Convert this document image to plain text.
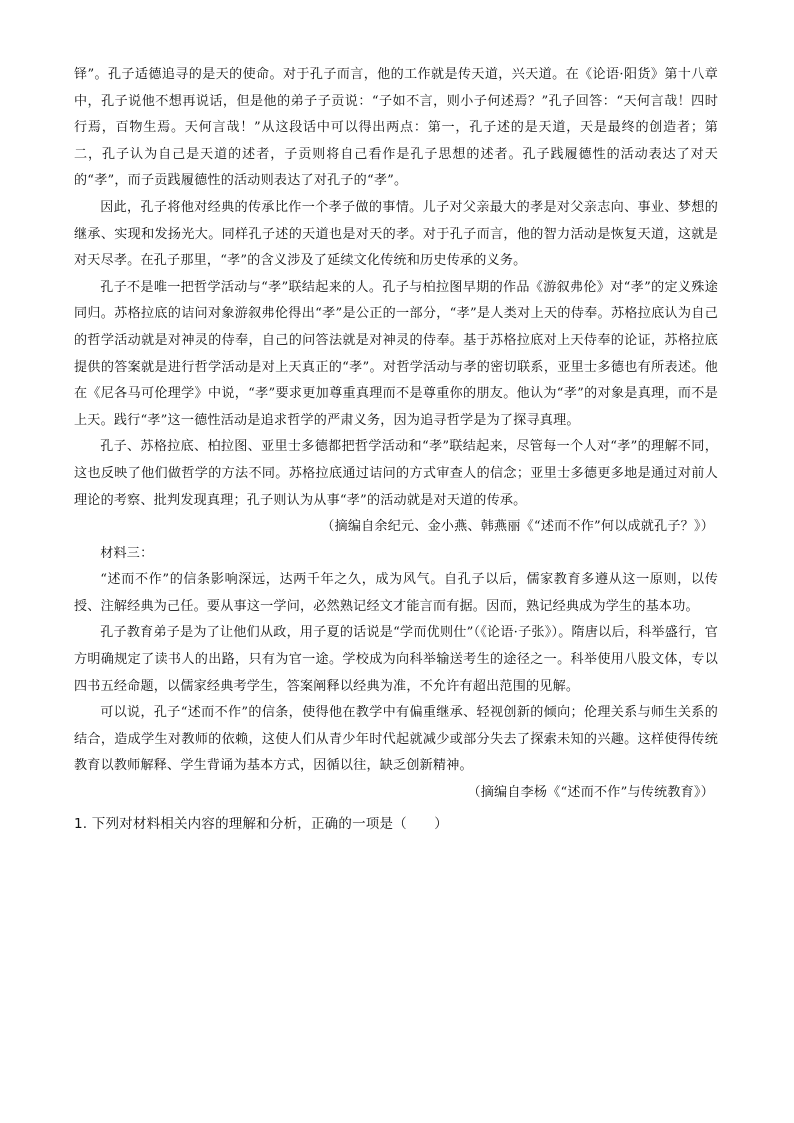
铎”。孔子适德追寻的是天的使命。对于孔子而言，他的工作就是传天道，兴天道。在《论语·阳货》第十八章中，孔子说他不想再说话，但是他的弟子子贡说：“子如不言，则小子何述焉？”孔子回答：“天何言哉！四时行焉，百物生焉。天何言哉！”从这段话中可以得出两点：第一，孔子述的是天道，天是最终的创造者；第二，孔子认为自己是天道的述者，子贡则将自己看作是孔子思想的述者。孔子践履德性的活动表达了对天的“孝”，而子贡践履德性的活动则表达了对孔子的“孝”。

因此，孔子将他对经典的传承比作一个孝子做的事情。儿子对父亲最大的孝是对父亲志向、事业、梦想的继承、实现和发扬光大。同样孔子述的天道也是对天的孝。对于孔子而言，他的智力活动是恢复天道，这就是对天尽孝。在孔子那里，“孝”的含义涉及了延续文化传统和历史传承的义务。

孔子不是唯一把哲学活动与“孝”联结起来的人。孔子与柏拉图早期的作品《游叙弗伦》对“孝”的定义殊途同归。苏格拉底的诘问对象游叙弗伦得出“孝”是公正的一部分，“孝”是人类对上天的侍奉。苏格拉底认为自己的哲学活动就是对神灵的侍奉，自己的问答法就是对神灵的侍奉。基于苏格拉底对上天侍奉的论证，苏格拉底提供的答案就是进行哲学活动是对上天真正的“孝”。对哲学活动与孝的密切联系，亚里士多德也有所表述。他在《尼各马可伦理学》中说，“孝”要求更加尊重真理而不是尊重你的朋友。他认为“孝”的对象是真理，而不是上天。践行“孝”这一德性活动是追求哲学的严肃义务，因为追寻哲学是为了探寻真理。

孔子、苏格拉底、柏拉图、亚里士多德都把哲学活动和“孝”联结起来，尽管每一个人对“孝”的理解不同，这也反映了他们做哲学的方法不同。苏格拉底通过诘问的方式审查人的信念；亚里士多德更多地是通过对前人理论的考察、批判发现真理；孔子则认为从事“孝”的活动就是对天道的传承。

（摘编自余纪元、金小燕、韩燕丽《“述而不作”何以成就孔子？》）

材料三：

“述而不作”的信条影响深远，达两千年之久，成为风气。自孔子以后，儒家教育多遵从这一原则，以传授、注解经典为己任。要从事这一学问，必然熟记经文才能言而有据。因而，熟记经典成为学生的基本功。

孔子教育弟子是为了让他们从政，用子夏的话说是“学而优则仕”（《论语·子张》）。隋唐以后，科举盛行，官方明确规定了读书人的出路，只有为官一途。学校成为向科举输送考生的途径之一。科举使用八股文体，专以四书五经命题，以儒家经典考学生，答案阐释以经典为准，不允许有超出范围的见解。

可以说，孔子“述而不作”的信条，使得他在教学中有偏重继承、轻视创新的倾向；伦理关系与师生关系的结合，造成学生对教师的依赖，这使人们从青少年时代起就减少或部分失去了探索未知的兴趣。这样使得传统教育以教师解释、学生背诵为基本方式，因循以往，缺乏创新精神。

（摘编自李杨《“述而不作”与传统教育》）

1. 下列对材料相关内容的理解和分析，正确的一项是（　　）
